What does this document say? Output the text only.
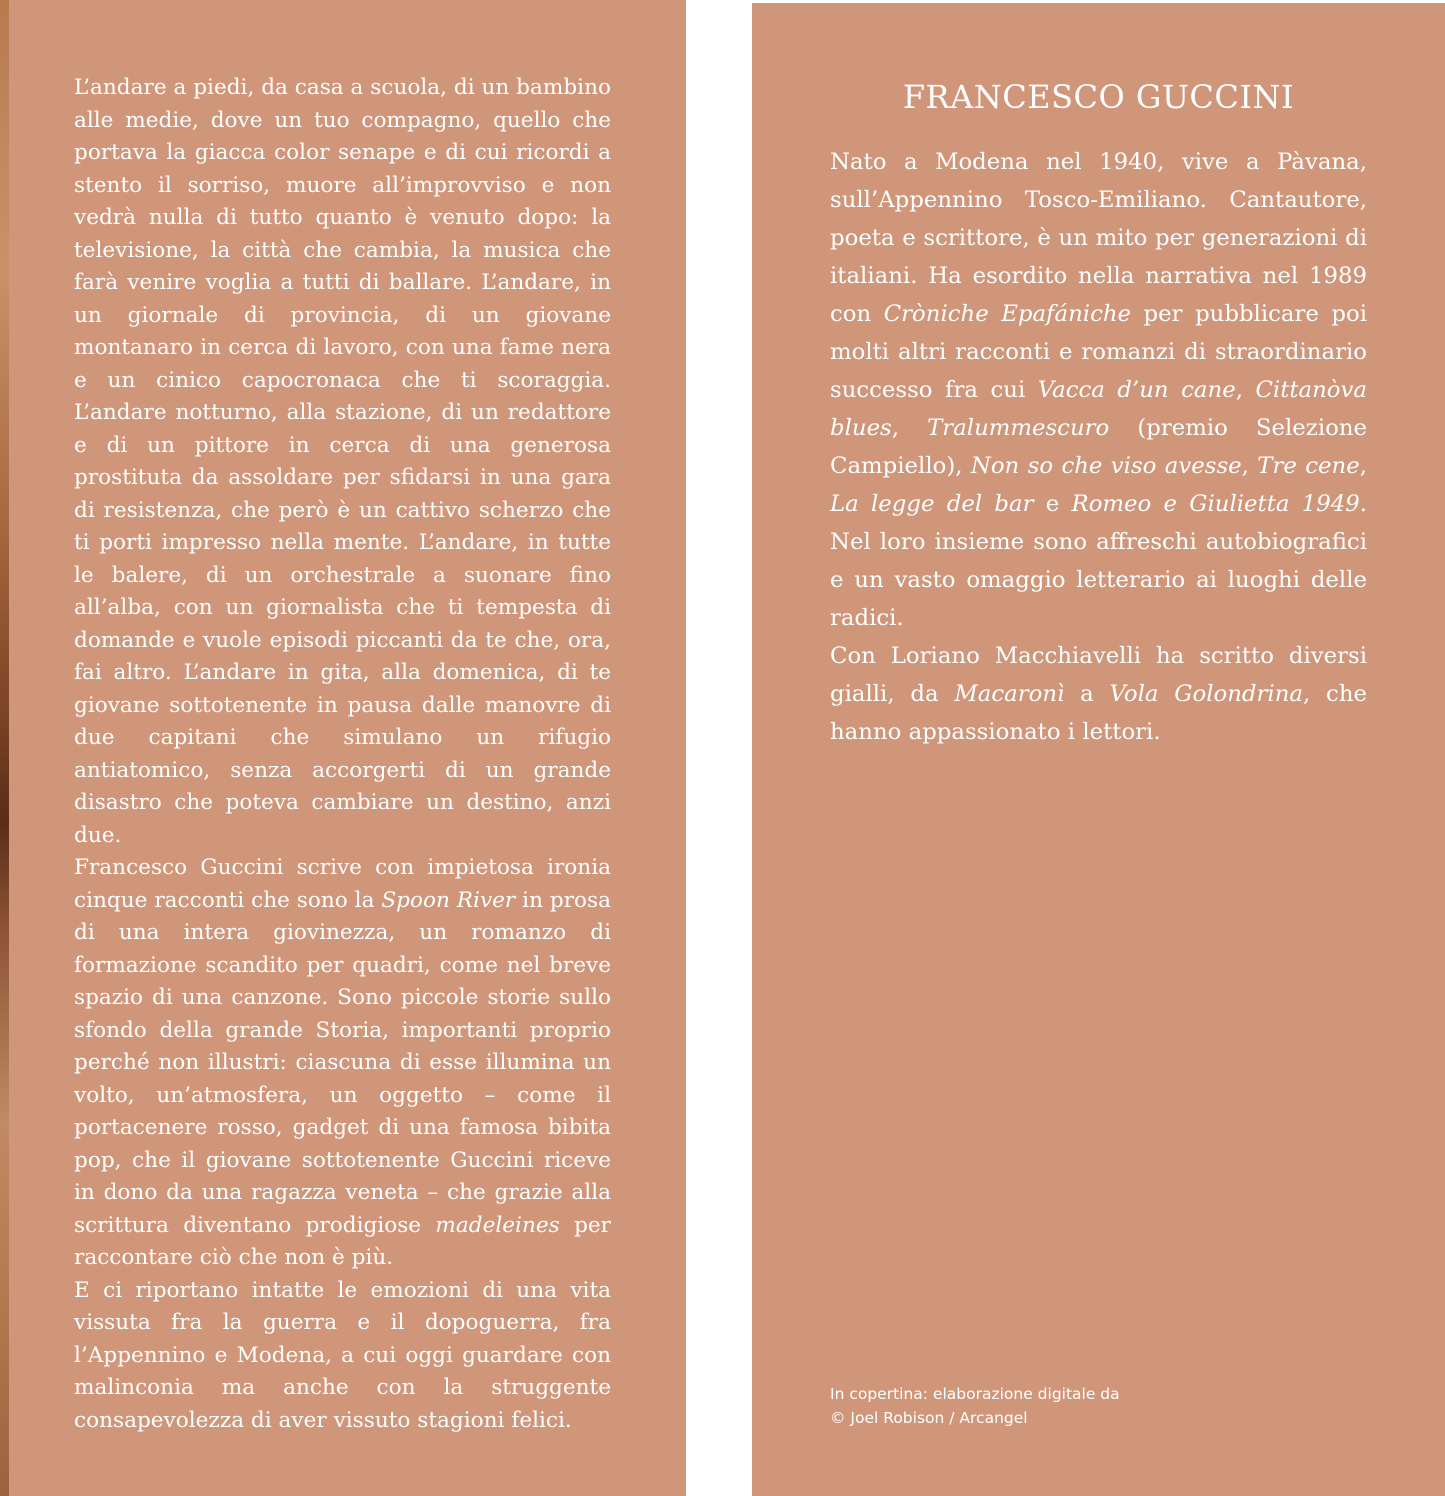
L’andare a piedi, da casa a scuola, di un bambino alle medie, dove un tuo compagno, quello che portava la giacca color senape e di cui ricordi a stento il sorriso, muore all’improvviso e non vedrà nulla di tutto quanto è venuto dopo: la televisione, la città che cambia, la musica che farà venire voglia a tutti di ballare. L’andare, in un giornale di provincia, di un giovane montanaro in cerca di lavoro, con una fame nera e un cinico capocronaca che ti scoraggia. L’andare notturno, alla stazione, di un redattore e di un pittore in cerca di una generosa prostituta da assoldare per sfidarsi in una gara di resistenza, che però è un cattivo scherzo che ti porti impresso nella mente. L’andare, in tutte le balere, di un orchestrale a suonare fino all’alba, con un giornalista che ti tempesta di domande e vuole episodi piccanti da te che, ora, fai altro. L’andare in gita, alla domenica, di te giovane sottotenente in pausa dalle manovre di due capitani che simulano un rifugio antiatomico, senza accorgerti di un grande disastro che poteva cambiare un destino, anzi due.

Francesco Guccini scrive con impietosa ironia cinque racconti che sono la Spoon River in prosa di una intera giovinezza, un romanzo di formazione scandito per quadri, come nel breve spazio di una canzone. Sono piccole storie sullo sfondo della grande Storia, importanti proprio perché non illustri: ciascuna di esse illumina un volto, un’atmosfera, un oggetto – come il portacenere rosso, gadget di una famosa bibita pop, che il giovane sottotenente Guccini riceve in dono da una ragazza veneta – che grazie alla scrittura diventano prodigiose madeleines per raccontare ciò che non è più.

E ci riportano intatte le emozioni di una vita vissuta fra la guerra e il dopoguerra, fra l’Appennino e Modena, a cui oggi guardare con malinconia ma anche con la struggente consapevolezza di aver vissuto stagioni felici.

FRANCESCO GUCCINI

Nato a Modena nel 1940, vive a Pàvana, sull’Appennino Tosco-Emiliano. Cantautore, poeta e scrittore, è un mito per generazioni di italiani. Ha esordito nella narrativa nel 1989 con Cròniche Epafániche per pubblicare poi molti altri racconti e romanzi di straordinario successo fra cui Vacca d’un cane, Cittanòva blues, Tralummescuro (premio Selezione Campiello), Non so che viso avesse, Tre cene, La legge del bar e Romeo e Giulietta 1949. Nel loro insieme sono affreschi autobiografici e un vasto omaggio letterario ai luoghi delle radici.

Con Loriano Macchiavelli ha scritto diversi gialli, da Macaronì a Vola Golondrina, che hanno appassionato i lettori.

In copertina: elaborazione digitale da
© Joel Robison / Arcangel
